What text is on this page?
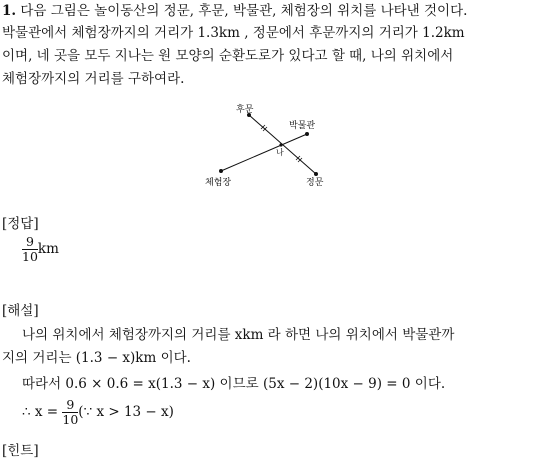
1. 다음 그림은 놀이동산의 정문, 후문, 박물관, 체험장의 위치를 나타낸 것이다.
박물관에서 체험장까지의 거리가 1.3km , 정문에서 후문까지의 거리가 1.2km
이며, 네 곳을 모두 지나는 원 모양의 순환도로가 있다고 할 때, 나의 위치에서
체험장까지의 거리를 구하여라.
후문
박물관
나
체험장	정문
[정답]
$\frac{9}{10}$ km
[해설]
나의 위치에서 체험장까지의 거리를 xkm 라 하면 나의 위치에서 박물관까
지의 거리는 (1.3 − x)km 이다.
따라서 0.6 × 0.6 = x(1.3 − x) 이므로 (5x − 2)(10x − 9) = 0 이다.
∴ $x = \frac{9}{10}$ (∵ x > 13 − x)
[힌트]
